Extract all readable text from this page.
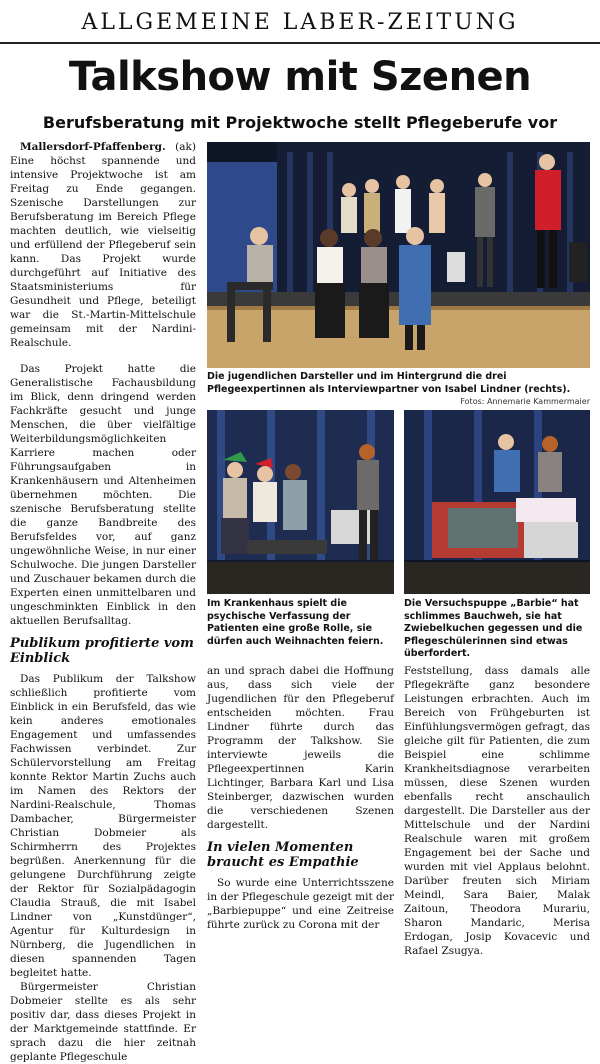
ALLGEMEINE LABER-ZEITUNG
Talkshow mit Szenen
Berufsberatung mit Projektwoche stellt Pflegeberufe vor

Mallersdorf-Pfaffenberg. (ak)

Eine höchst spannende und intensive Projektwoche ist am Freitag zu Ende gegangen. Szenische Darstellungen zur Berufsberatung im Bereich Pflege machten deutlich, wie vielseitig und erfüllend der Pflegeberuf sein kann. Das Projekt wurde durchgeführt auf Initiative des Staatsministeriums für Gesundheit und Pflege, beteiligt war die St.-Martin-Mittelschule gemeinsam mit der Nardini-Realschule.

Das Projekt hatte die Generalistische Fachausbildung im Blick, denn dringend werden Fachkräfte gesucht und junge Menschen, die über vielfältige Weiterbildungsmöglichkeiten Karriere machen oder Führungsaufgaben in Krankenhäusern und Altenheimen übernehmen möchten. Die szenische Berufsberatung stellte die ganze Bandbreite des Berufsfeldes vor, auf ganz ungewöhnliche Weise, in nur einer Schulwoche. Die jungen Darsteller und Zuschauer bekamen durch die Experten einen unmittelbaren und ungeschminkten Einblick in den aktuellen Berufsalltag.

Publikum profitierte vom Einblick

Das Publikum der Talkshow schließlich profitierte vom Einblick in ein Berufsfeld, das wie kein anderes emotionales Engagement und umfassendes Fachwissen verbindet. Zur Schülervorstellung am Freitag konnte Rektor Martin Zuchs auch im Namen des Rektors der Nardini-Realschule, Thomas Dambacher, Bürgermeister Christian Dobmeier als Schirmherrn des Projektes begrüßen. Anerkennung für die gelungene Durchführung zeigte der Rektor für Sozialpädagogin Claudia Strauß, die mit Isabel Lindner von „Kunstdünger“, Agentur für Kulturdesign in Nürnberg, die Jugendlichen in diesen spannenden Tagen begleitet hatte.

Bürgermeister Christian Dobmeier stellte es als sehr positiv dar, dass dieses Projekt in der Marktgemeinde stattfinde. Er sprach dazu die hier zeitnah geplante Pflegeschule

Die jugendlichen Darsteller und im Hintergrund die drei Pflegeexpertinnen als Interviewpartner von Isabel Lindner (rechts).
Fotos: Annemarie Kammermaier
Im Krankenhaus spielt die psychische Verfassung der Patienten eine große Rolle, sie dürfen auch Weihnachten feiern.
Die Versuchspuppe „Barbie“ hat schlimmes Bauchweh, sie hat Zwiebelkuchen gegessen und die Pflegeschülerinnen sind etwas überfordert.

an und sprach dabei die Hoffnung aus, dass sich viele der Jugendlichen für den Pflegeberuf entscheiden möchten. Frau Lindner führte durch das Programm der Talkshow. Sie interviewte jeweils die Pflegeexpertinnen Karin Lichtinger, Barbara Karl und Lisa Steinberger, dazwischen wurden die verschiedenen Szenen dargestellt.

In vielen Momenten braucht es Empathie

So wurde eine Unterrichtsszene in der Pflegeschule gezeigt mit der „Barbiepuppe“ und eine Zeitreise führte zurück zu Corona mit der

Feststellung, dass damals alle Pflegekräfte ganz besondere Leistungen erbrachten. Auch im Bereich von Frühgeburten ist Einfühlungsvermögen gefragt, das gleiche gilt für Patienten, die zum Beispiel eine schlimme Krankheitsdiagnose verarbeiten müssen, diese Szenen wurden ebenfalls recht anschaulich dargestellt. Die Darsteller aus der Mittelschule und der Nardini Realschule waren mit großem Engagement bei der Sache und wurden mit viel Applaus belohnt. Darüber freuten sich Miriam Meindl, Sara Baier, Malak Zaitoun, Theodora Murariu, Sharon Mandaric, Merisa Erdogan, Josip Kovacevic und Rafael Zsugya.
